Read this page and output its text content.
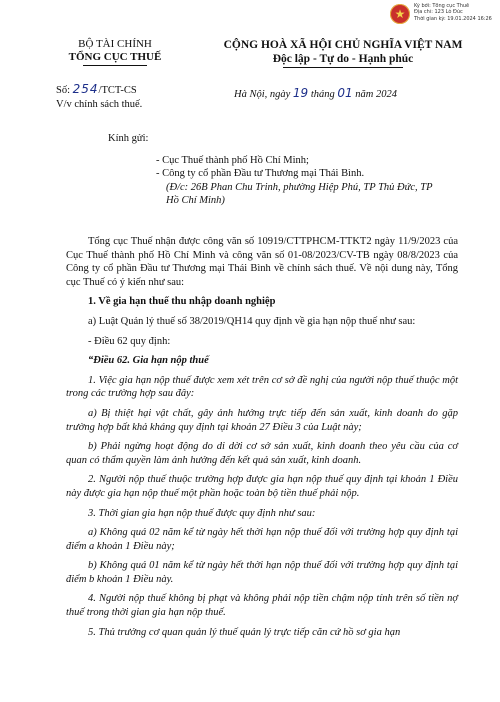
★
Ký bởi: Tổng cục Thuế
Địa chỉ: 123 Lò Đúc
Thời gian ký: 19.01.2024 16:26
BỘ TÀI CHÍNH
TỔNG CỤC THUẾ
CỘNG HOÀ XÃ HỘI CHỦ NGHĨA VIỆT NAM
Độc lập - Tự do - Hạnh phúc
Số: 254/TCT-CS
V/v chính sách thuế.
Hà Nội, ngày 19 tháng 01 năm 2024
Kính gửi:
- Cục Thuế thành phố Hồ Chí Minh;
- Công ty cổ phần Đầu tư Thương mại Thái Bình.
(Đ/c: 26B Phan Chu Trinh, phường Hiệp Phú, TP Thủ Đức, TP Hồ Chí Minh)

Tổng cục Thuế nhận được công văn số 10919/CTTPHCM-TTKT2 ngày 11/9/2023 của Cục Thuế thành phố Hồ Chí Minh và công văn số 01-08/2023/CV-TB ngày 08/8/2023 của Công ty cổ phần Đầu tư Thương mại Thái Bình về chính sách thuế. Về nội dung này, Tổng cục Thuế có ý kiến như sau:

1. Về gia hạn thuế thu nhập doanh nghiệp

a) Luật Quản lý thuế số 38/2019/QH14 quy định về gia hạn nộp thuế như sau:

- Điều 62 quy định:

“Điều 62. Gia hạn nộp thuế

1. Việc gia hạn nộp thuế được xem xét trên cơ sở đề nghị của người nộp thuế thuộc một trong các trường hợp sau đây:

a) Bị thiệt hại vật chất, gây ảnh hưởng trực tiếp đến sản xuất, kinh doanh do gặp trường hợp bất khả kháng quy định tại khoản 27 Điều 3 của Luật này;

b) Phải ngừng hoạt động do di dời cơ sở sản xuất, kinh doanh theo yêu cầu của cơ quan có thẩm quyền làm ảnh hưởng đến kết quả sản xuất, kinh doanh.

2. Người nộp thuế thuộc trường hợp được gia hạn nộp thuế quy định tại khoản 1 Điều này được gia hạn nộp thuế một phần hoặc toàn bộ tiền thuế phải nộp.

3. Thời gian gia hạn nộp thuế được quy định như sau:

a) Không quá 02 năm kể từ ngày hết thời hạn nộp thuế đối với trường hợp quy định tại điểm a khoản 1 Điều này;

b) Không quá 01 năm kể từ ngày hết thời hạn nộp thuế đối với trường hợp quy định tại điểm b khoản 1 Điều này.

4. Người nộp thuế không bị phạt và không phải nộp tiền chậm nộp tính trên số tiền nợ thuế trong thời gian gia hạn nộp thuế.

5. Thủ trưởng cơ quan quản lý thuế quản lý trực tiếp căn cứ hồ sơ gia hạn
